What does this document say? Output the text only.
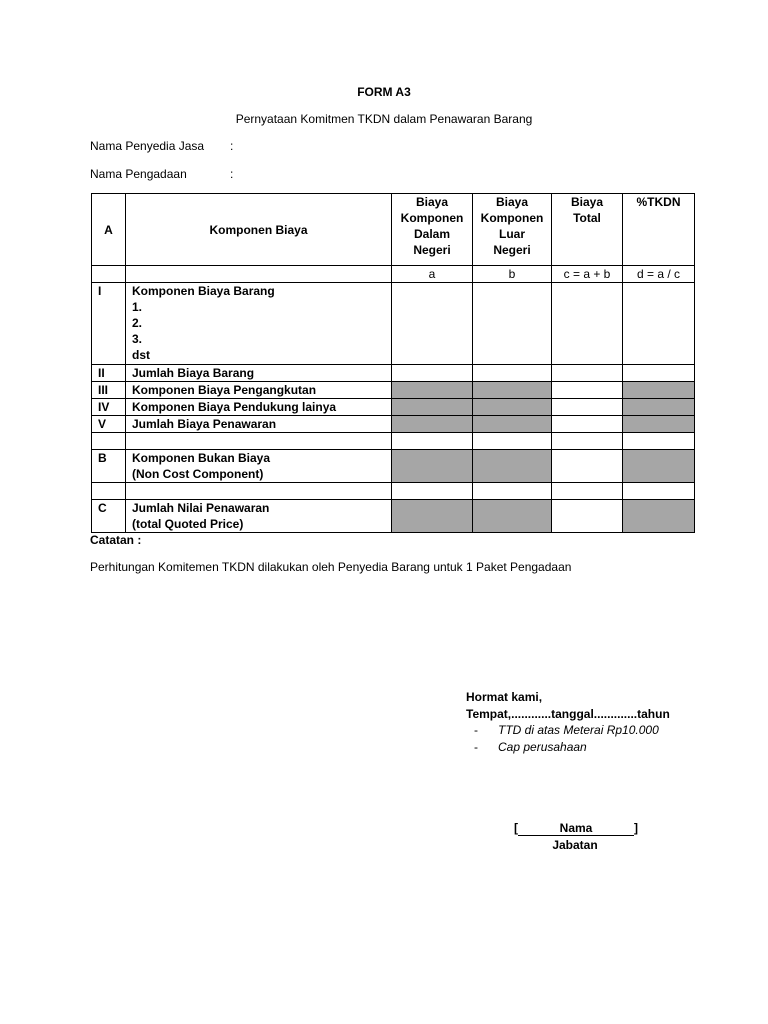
FORM A3
Pernyataan Komitmen TKDN dalam Penawaran Barang
Nama Penyedia Jasa :
Nama Pengadaan	:
A	Komponen Biaya	Biaya Komponen Dalam Negeri	Biaya Komponen Luar Negeri	Biaya Total	%TKDN
		a	b	c = a + b	d = a / c
I	Komponen Biaya Barang
1.
2.
3.
dst				

II	Jumlah Biaya Barang				
III	Komponen Biaya Pengangkutan				
IV	Komponen Biaya Pendukung lainya				
V	Jumlah Biaya Penawaran				

B	Komponen Bukan Biaya
(Non Cost Component)				

C	Jumlah Nilai Penawaran
(total Quoted Price)				

Catatan :
Perhitungan Komitemen TKDN dilakukan oleh Penyedia Barang untuk 1 Paket Pengadaan
Hormat kami,
Tempat,............tanggal.............tahun
- TTD di atas Meterai Rp10.000
- Cap perusahaan
[	Nama	]
Jabatan
